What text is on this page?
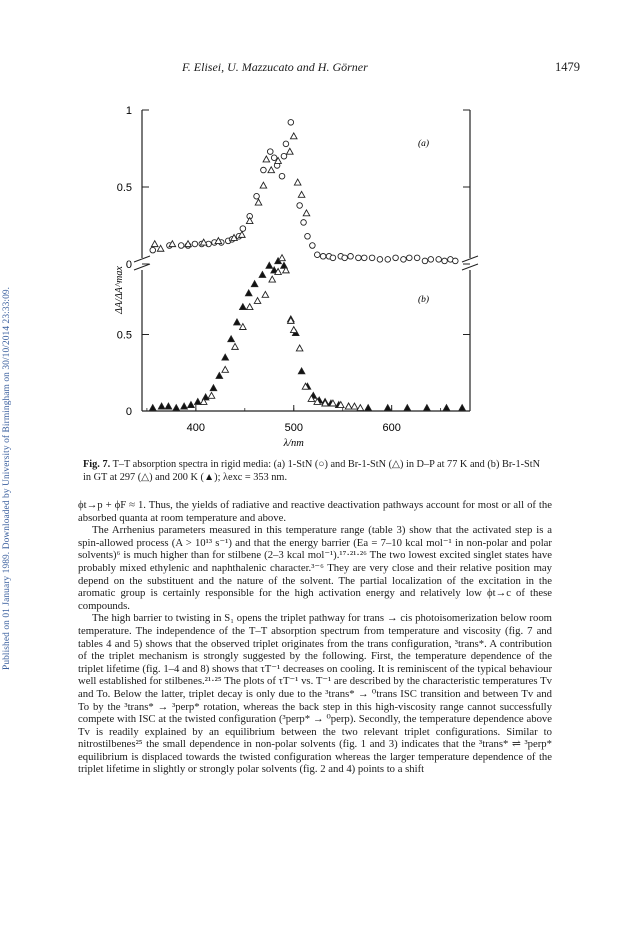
Published on 01 January 1989. Downloaded by University of Birmingham on 30/10/2014 23:33:09.
F. Elisei, U. Mazzucato and H. Görner	1479
0
0.5
1
0
0.5
400	500	600
λ/nm
ΔA/ΔA^max
(a)
(b)
Fig. 7. T–T absorption spectra in rigid media: (a) 1-StN (○) and Br-1-StN (△) in D–P at 77 K and (b) Br-1-StN in GT at 297 (△) and 200 K (▲); λexc = 353 nm.

ϕt→p + ϕF ≈ 1. Thus, the yields of radiative and reactive deactivation pathways account for most or all of the absorbed quanta at room temperature and above.

The Arrhenius parameters measured in this temperature range (table 3) show that the activated step is a spin-allowed process (A > 10¹³ s⁻¹) and that the energy barrier (Ea = 7–10 kcal mol⁻¹ in non-polar and polar solvents)⁶ is much higher than for stilbene (2–3 kcal mol⁻¹).¹⁷·²¹·²⁶ The two lowest excited singlet states have probably mixed ethylenic and naphthalenic character.³⁻⁶ They are very close and their relative position may depend on the substituent and the nature of the solvent. The partial localization of the excitation in the aromatic group is certainly responsible for the high activation energy and relatively low ϕt→c of these compounds.

The high barrier to twisting in S₁ opens the triplet pathway for trans → cis photoisomerization below room temperature. The independence of the T–T absorption spectrum from temperature and viscosity (fig. 7 and tables 4 and 5) shows that the observed triplet originates from the trans configuration, ³trans*. A contribution of the triplet mechanism is strongly suggested by the following. First, the temperature dependence of the triplet lifetime (fig. 1–4 and 8) shows that τT⁻¹ decreases on cooling. It is reminiscent of the typical behaviour well established for stilbenes.²¹·²⁵ The plots of τT⁻¹ vs. T⁻¹ are described by the characteristic temperatures Tv and To. Below the latter, triplet decay is only due to the ³trans* → ⁰trans ISC transition and between Tv and To by the ³trans* → ³perp* rotation, whereas the back step in this high-viscosity range cannot successfully compete with ISC at the twisted configuration (³perp* → ⁰perp). Secondly, the temperature dependence above Tv is readily explained by an equilibrium between the two relevant triplet configurations. Similar to nitrostilbenes²⁵ the small dependence in non-polar solvents (fig. 1 and 3) indicates that the ³trans* ⇌ ³perp* equilibrium is displaced towards the twisted configuration whereas the larger temperature dependence of the triplet lifetime in slightly or strongly polar solvents (fig. 2 and 4) points to a shift
